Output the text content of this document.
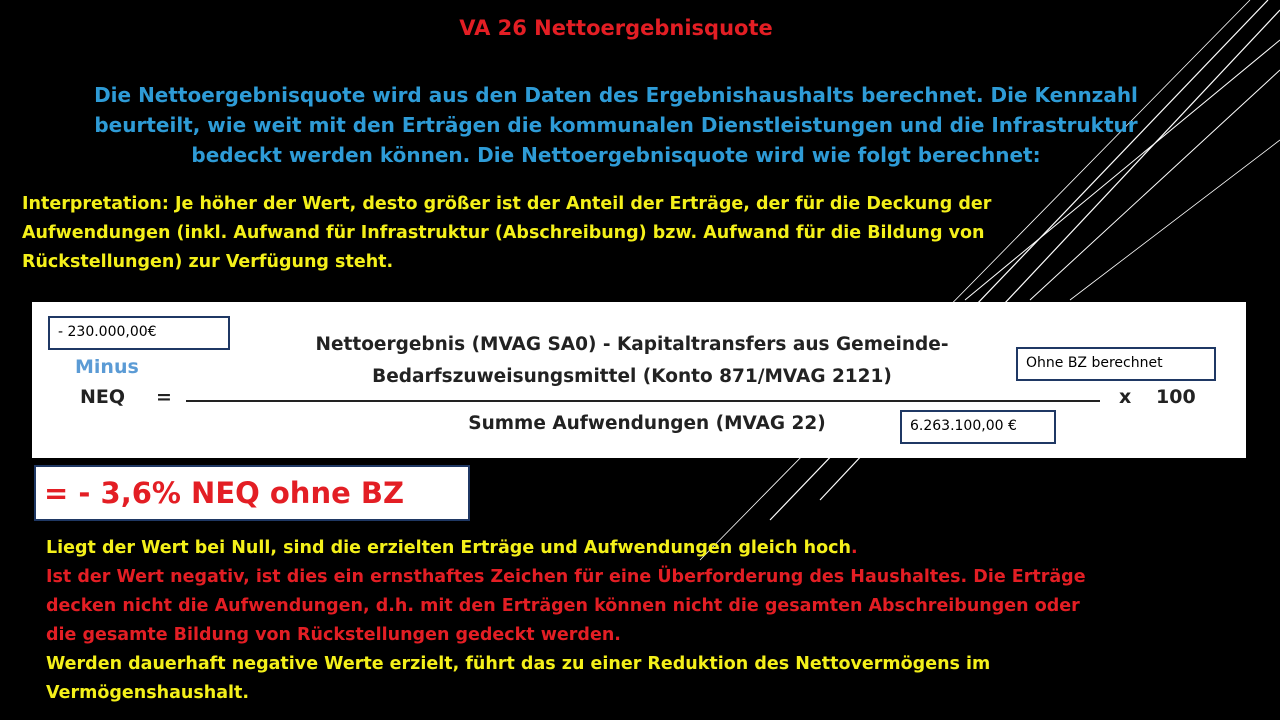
VA 26 Nettoergebnisquote
Die Nettoergebnisquote wird aus den Daten des Ergebnishaushalts berechnet. Die Kennzahl
beurteilt, wie weit mit den Erträgen die kommunalen Dienstleistungen und die Infrastruktur
bedeckt werden können. Die Nettoergebnisquote wird wie folgt berechnet:
Interpretation: Je höher der Wert, desto größer ist der Anteil der Erträge, der für die Deckung der
Aufwendungen (inkl. Aufwand für Infrastruktur (Abschreibung) bzw. Aufwand für die Bildung von
Rückstellungen) zur Verfügung steht.
- 230.000,00€
Minus
NEQ =
Nettoergebnis (MVAG SA0) - Kapitaltransfers aus Gemeinde-
Bedarfszuweisungsmittel (Konto 871/MVAG 2121)
Ohne BZ berechnet
x 100
Summe Aufwendungen (MVAG 22)	6.263.100,00 €
= - 3,6% NEQ ohne BZ
Liegt der Wert bei Null, sind die erzielten Erträge und Aufwendungen gleich hoch.
Ist der Wert negativ, ist dies ein ernsthaftes Zeichen für eine Überforderung des Haushaltes. Die Erträge
decken nicht die Aufwendungen, d.h. mit den Erträgen können nicht die gesamten Abschreibungen oder
die gesamte Bildung von Rückstellungen gedeckt werden.
Werden dauerhaft negative Werte erzielt, führt das zu einer Reduktion des Nettovermögens im
Vermögenshaushalt.
